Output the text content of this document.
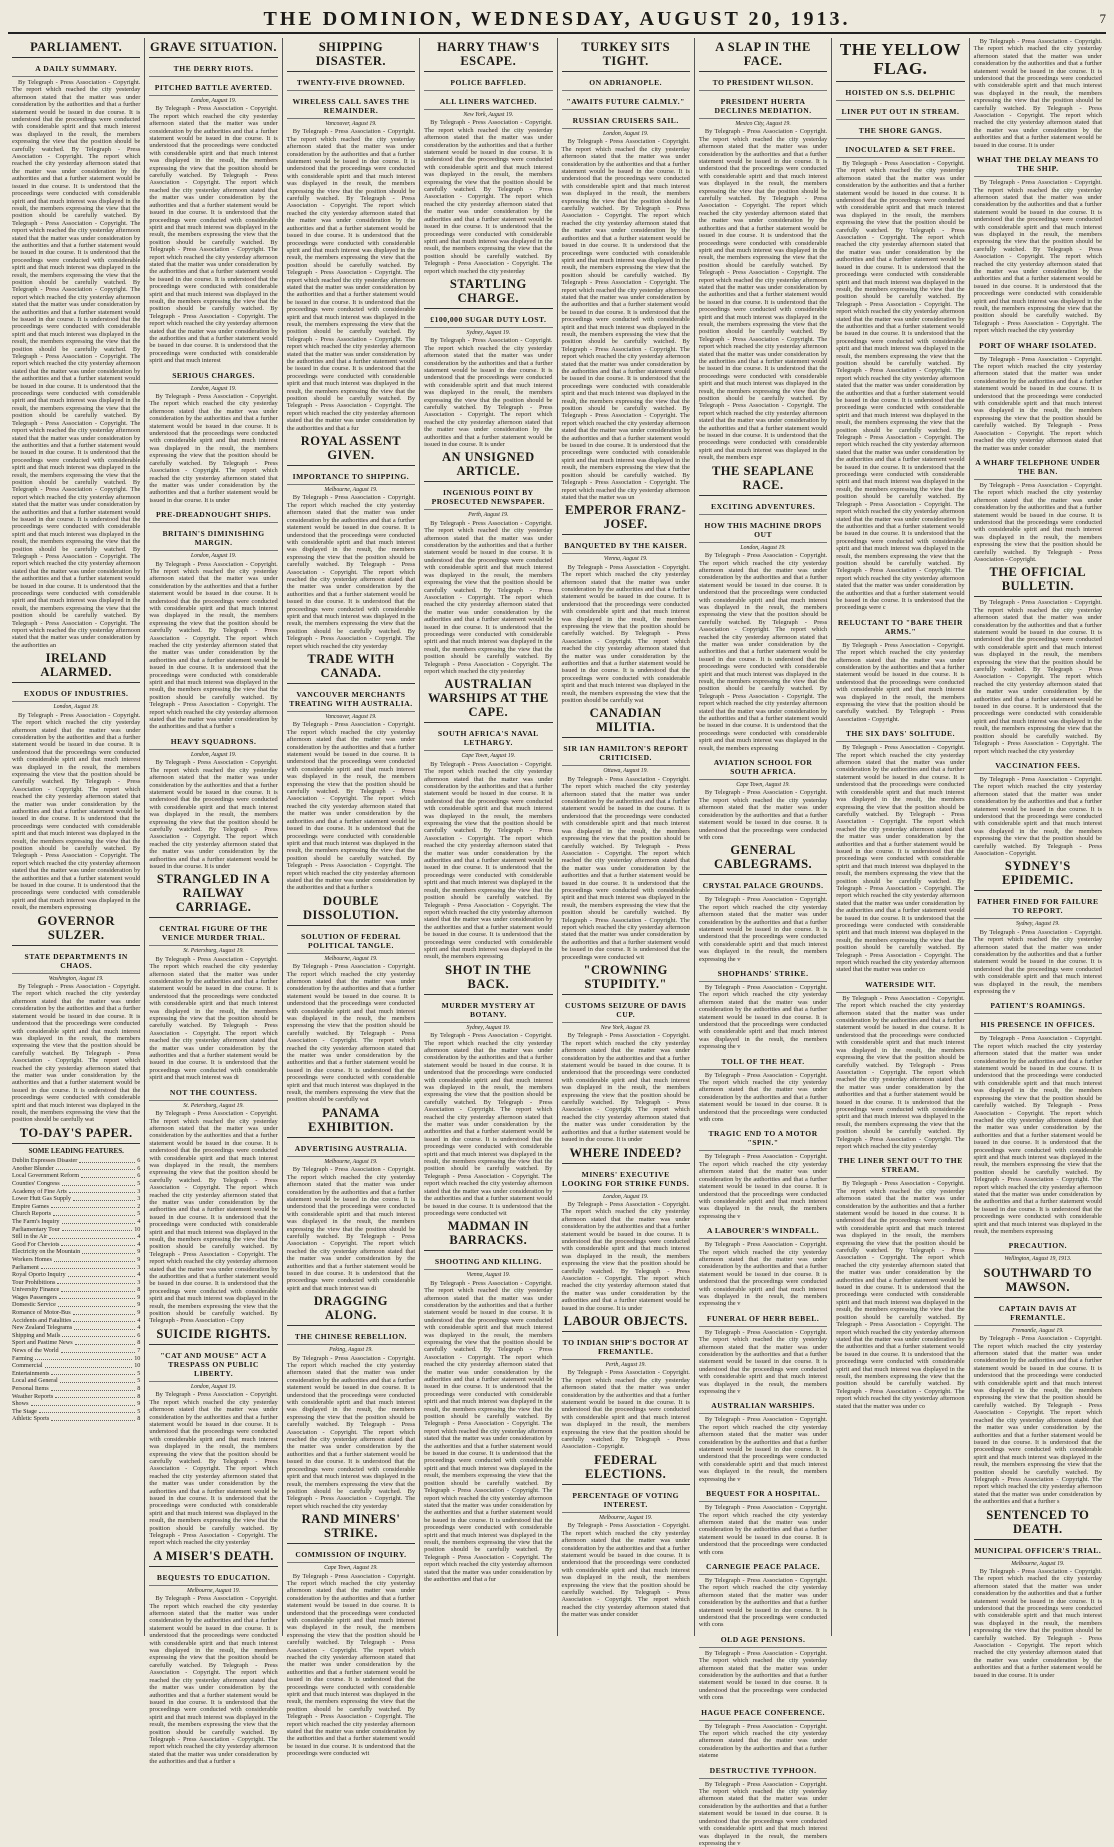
THE DOMINION, WEDNESDAY, AUGUST 20, 1913.	7
PARLIAMENT.
A DAILY SUMMARY.

By Telegraph - Press Association - Copyright. The report which reached the city yesterday afternoon stated that the matter was under consideration by the authorities and that a further statement would be issued in due course. It is understood that the proceedings were conducted with considerable spirit and that much interest was displayed in the result, the members expressing the view that the position should be carefully watched. By Telegraph - Press Association - Copyright. The report which reached the city yesterday afternoon stated that the matter was under consideration by the authorities and that a further statement would be issued in due course. It is understood that the proceedings were conducted with considerable spirit and that much interest was displayed in the result, the members expressing the view that the position should be carefully watched. By Telegraph - Press Association - Copyright. The report which reached the city yesterday afternoon stated that the matter was under consideration by the authorities and that a further statement would be issued in due course. It is understood that the proceedings were conducted with considerable spirit and that much interest was displayed in the result, the members expressing the view that the position should be carefully watched. By Telegraph - Press Association - Copyright. The report which reached the city yesterday afternoon stated that the matter was under consideration by the authorities and that a further statement would be issued in due course. It is understood that the proceedings were conducted with considerable spirit and that much interest was displayed in the result, the members expressing the view that the position should be carefully watched. By Telegraph - Press Association - Copyright. The report which reached the city yesterday afternoon stated that the matter was under consideration by the authorities and that a further statement would be issued in due course. It is understood that the proceedings were conducted with considerable spirit and that much interest was displayed in the result, the members expressing the view that the position should be carefully watched. By Telegraph - Press Association - Copyright. The report which reached the city yesterday afternoon stated that the matter was under consideration by the authorities and that a further statement would be issued in due course. It is understood that the proceedings were conducted with considerable spirit and that much interest was displayed in the result, the members expressing the view that the position should be carefully watched. By Telegraph - Press Association - Copyright. The report which reached the city yesterday afternoon stated that the matter was under consideration by the authorities and that a further statement would be issued in due course. It is understood that the proceedings were conducted with considerable spirit and that much interest was displayed in the result, the members expressing the view that the position should be carefully watched. By Telegraph - Press Association - Copyright. The report which reached the city yesterday afternoon stated that the matter was under consideration by the authorities and that a further statement would be issued in due course. It is understood that the proceedings were conducted with considerable spirit and that much interest was displayed in the result, the members expressing the view that the position should be carefully watched. By Telegraph - Press Association - Copyright. The report which reached the city yesterday afternoon stated that the matter was under consideration by the authorities an

IRELAND ALARMED.
EXODUS OF INDUSTRIES.
London, August 19.

By Telegraph - Press Association - Copyright. The report which reached the city yesterday afternoon stated that the matter was under consideration by the authorities and that a further statement would be issued in due course. It is understood that the proceedings were conducted with considerable spirit and that much interest was displayed in the result, the members expressing the view that the position should be carefully watched. By Telegraph - Press Association - Copyright. The report which reached the city yesterday afternoon stated that the matter was under consideration by the authorities and that a further statement would be issued in due course. It is understood that the proceedings were conducted with considerable spirit and that much interest was displayed in the result, the members expressing the view that the position should be carefully watched. By Telegraph - Press Association - Copyright. The report which reached the city yesterday afternoon stated that the matter was under consideration by the authorities and that a further statement would be issued in due course. It is understood that the proceedings were conducted with considerable spirit and that much interest was displayed in the result, the members expressing

GOVERNOR SULZER.
STATE DEPARTMENTS IN CHAOS.
Washington, August 19.

By Telegraph - Press Association - Copyright. The report which reached the city yesterday afternoon stated that the matter was under consideration by the authorities and that a further statement would be issued in due course. It is understood that the proceedings were conducted with considerable spirit and that much interest was displayed in the result, the members expressing the view that the position should be carefully watched. By Telegraph - Press Association - Copyright. The report which reached the city yesterday afternoon stated that the matter was under consideration by the authorities and that a further statement would be issued in due course. It is understood that the proceedings were conducted with considerable spirit and that much interest was displayed in the result, the members expressing the view that the position should be carefully wat

TO-DAY'S PAPER.
SOME LEADING FEATURES.
Dublin Expresses Disaster	6
Another Blunder	6
Local Government Reform	6
Counties' Congress	5
Academy of Fine Arts	3
Lower Hutt Gas Supply	3
Empire Games	2
Church Reports	5
The Farm's Inquiry	4
Parliamentary Tour	10
Still in the Air	4
Good For Cheviots	4
Electricity on the Mountain	9
Workers Homes	9
Parliament	3
Royal Oporto Inquiry	4
Tour Prohibitions	3
University Finance	8
Wages Passengers	9
Domestic Service	9
Romance of Motor-Bus	9
Accidents and Fatalities	4
New Zealand Telegrams	4
Shipping and Mails	6
Sport and Pastime News	8
News of the World	7
Farming	10
Commercial	10
Entertainments	5
Local and General	5
Personal Items	8
Weather Reports	8
Shows	9
The Stage	5
Athletic Sports	8
GRAVE SITUATION.
THE DERRY RIOTS.
PITCHED BATTLE AVERTED.
London, August 19.

By Telegraph - Press Association - Copyright. The report which reached the city yesterday afternoon stated that the matter was under consideration by the authorities and that a further statement would be issued in due course. It is understood that the proceedings were conducted with considerable spirit and that much interest was displayed in the result, the members expressing the view that the position should be carefully watched. By Telegraph - Press Association - Copyright. The report which reached the city yesterday afternoon stated that the matter was under consideration by the authorities and that a further statement would be issued in due course. It is understood that the proceedings were conducted with considerable spirit and that much interest was displayed in the result, the members expressing the view that the position should be carefully watched. By Telegraph - Press Association - Copyright. The report which reached the city yesterday afternoon stated that the matter was under consideration by the authorities and that a further statement would be issued in due course. It is understood that the proceedings were conducted with considerable spirit and that much interest was displayed in the result, the members expressing the view that the position should be carefully watched. By Telegraph - Press Association - Copyright. The report which reached the city yesterday afternoon stated that the matter was under consideration by the authorities and that a further statement would be issued in due course. It is understood that the proceedings were conducted with considerable spirit and that much interest

SERIOUS CHARGES.
London, August 19.

By Telegraph - Press Association - Copyright. The report which reached the city yesterday afternoon stated that the matter was under consideration by the authorities and that a further statement would be issued in due course. It is understood that the proceedings were conducted with considerable spirit and that much interest was displayed in the result, the members expressing the view that the position should be carefully watched. By Telegraph - Press Association - Copyright. The report which reached the city yesterday afternoon stated that the matter was under consideration by the authorities and that a further statement would be issued in due course. It is under

PRE-DREADNOUGHT SHIPS.
BRITAIN'S DIMINISHING MARGIN.
London, August 19.

By Telegraph - Press Association - Copyright. The report which reached the city yesterday afternoon stated that the matter was under consideration by the authorities and that a further statement would be issued in due course. It is understood that the proceedings were conducted with considerable spirit and that much interest was displayed in the result, the members expressing the view that the position should be carefully watched. By Telegraph - Press Association - Copyright. The report which reached the city yesterday afternoon stated that the matter was under consideration by the authorities and that a further statement would be issued in due course. It is understood that the proceedings were conducted with considerable spirit and that much interest was displayed in the result, the members expressing the view that the position should be carefully watched. By Telegraph - Press Association - Copyright. The report which reached the city yesterday afternoon stated that the matter was under consideration by the authorities and that a further s

HEAVY SQUADRONS.
London, August 19.

By Telegraph - Press Association - Copyright. The report which reached the city yesterday afternoon stated that the matter was under consideration by the authorities and that a further statement would be issued in due course. It is understood that the proceedings were conducted with considerable spirit and that much interest was displayed in the result, the members expressing the view that the position should be carefully watched. By Telegraph - Press Association - Copyright. The report which reached the city yesterday afternoon stated that the matter was under consideration by the authorities and that a further statement would be issued in due course. It is under

STRANGLED IN A RAILWAY CARRIAGE.
CENTRAL FIGURE OF THE VENICE MURDER TRIAL.
St. Petersburg, August 19.

By Telegraph - Press Association - Copyright. The report which reached the city yesterday afternoon stated that the matter was under consideration by the authorities and that a further statement would be issued in due course. It is understood that the proceedings were conducted with considerable spirit and that much interest was displayed in the result, the members expressing the view that the position should be carefully watched. By Telegraph - Press Association - Copyright. The report which reached the city yesterday afternoon stated that the matter was under consideration by the authorities and that a further statement would be issued in due course. It is understood that the proceedings were conducted with considerable spirit and that much interest was di

NOT THE COUNTESS.
St. Petersburg, August 19.

By Telegraph - Press Association - Copyright. The report which reached the city yesterday afternoon stated that the matter was under consideration by the authorities and that a further statement would be issued in due course. It is understood that the proceedings were conducted with considerable spirit and that much interest was displayed in the result, the members expressing the view that the position should be carefully watched. By Telegraph - Press Association - Copyright. The report which reached the city yesterday afternoon stated that the matter was under consideration by the authorities and that a further statement would be issued in due course. It is understood that the proceedings were conducted with considerable spirit and that much interest was displayed in the result, the members expressing the view that the position should be carefully watched. By Telegraph - Press Association - Copyright. The report which reached the city yesterday afternoon stated that the matter was under consideration by the authorities and that a further statement would be issued in due course. It is understood that the proceedings were conducted with considerable spirit and that much interest was displayed in the result, the members expressing the view that the position should be carefully watched. By Telegraph - Press Association - Copy

SUICIDE RIGHTS.
"CAT AND MOUSE" ACT A TRESPASS ON PUBLIC LIBERTY.
London, August 19.

By Telegraph - Press Association - Copyright. The report which reached the city yesterday afternoon stated that the matter was under consideration by the authorities and that a further statement would be issued in due course. It is understood that the proceedings were conducted with considerable spirit and that much interest was displayed in the result, the members expressing the view that the position should be carefully watched. By Telegraph - Press Association - Copyright. The report which reached the city yesterday afternoon stated that the matter was under consideration by the authorities and that a further statement would be issued in due course. It is understood that the proceedings were conducted with considerable spirit and that much interest was displayed in the result, the members expressing the view that the position should be carefully watched. By Telegraph - Press Association - Copyright. The report which reached the city yesterday

A MISER'S DEATH.
BEQUESTS TO EDUCATION.
Melbourne, August 19.

By Telegraph - Press Association - Copyright. The report which reached the city yesterday afternoon stated that the matter was under consideration by the authorities and that a further statement would be issued in due course. It is understood that the proceedings were conducted with considerable spirit and that much interest was displayed in the result, the members expressing the view that the position should be carefully watched. By Telegraph - Press Association - Copyright. The report which reached the city yesterday afternoon stated that the matter was under consideration by the authorities and that a further statement would be issued in due course. It is understood that the proceedings were conducted with considerable spirit and that much interest was displayed in the result, the members expressing the view that the position should be carefully watched. By Telegraph - Press Association - Copyright. The report which reached the city yesterday afternoon stated that the matter was under consideration by the authorities and that a further s

SHIPPING DISASTER.
TWENTY-FIVE DROWNED.
WIRELESS CALL SAVES THE REMAINDER.
Vancouver, August 19.

By Telegraph - Press Association - Copyright. The report which reached the city yesterday afternoon stated that the matter was under consideration by the authorities and that a further statement would be issued in due course. It is understood that the proceedings were conducted with considerable spirit and that much interest was displayed in the result, the members expressing the view that the position should be carefully watched. By Telegraph - Press Association - Copyright. The report which reached the city yesterday afternoon stated that the matter was under consideration by the authorities and that a further statement would be issued in due course. It is understood that the proceedings were conducted with considerable spirit and that much interest was displayed in the result, the members expressing the view that the position should be carefully watched. By Telegraph - Press Association - Copyright. The report which reached the city yesterday afternoon stated that the matter was under consideration by the authorities and that a further statement would be issued in due course. It is understood that the proceedings were conducted with considerable spirit and that much interest was displayed in the result, the members expressing the view that the position should be carefully watched. By Telegraph - Press Association - Copyright. The report which reached the city yesterday afternoon stated that the matter was under consideration by the authorities and that a further statement would be issued in due course. It is understood that the proceedings were conducted with considerable spirit and that much interest was displayed in the result, the members expressing the view that the position should be carefully watched. By Telegraph - Press Association - Copyright. The report which reached the city yesterday afternoon stated that the matter was under consideration by the authorities and that a fur

ROYAL ASSENT GIVEN.
IMPORTANCE TO SHIPPING.
Melbourne, August 19.

By Telegraph - Press Association - Copyright. The report which reached the city yesterday afternoon stated that the matter was under consideration by the authorities and that a further statement would be issued in due course. It is understood that the proceedings were conducted with considerable spirit and that much interest was displayed in the result, the members expressing the view that the position should be carefully watched. By Telegraph - Press Association - Copyright. The report which reached the city yesterday afternoon stated that the matter was under consideration by the authorities and that a further statement would be issued in due course. It is understood that the proceedings were conducted with considerable spirit and that much interest was displayed in the result, the members expressing the view that the position should be carefully watched. By Telegraph - Press Association - Copyright. The report which reached the city yesterday

TRADE WITH CANADA.
VANCOUVER MERCHANTS TREATING WITH AUSTRALIA.
Vancouver, August 19.

By Telegraph - Press Association - Copyright. The report which reached the city yesterday afternoon stated that the matter was under consideration by the authorities and that a further statement would be issued in due course. It is understood that the proceedings were conducted with considerable spirit and that much interest was displayed in the result, the members expressing the view that the position should be carefully watched. By Telegraph - Press Association - Copyright. The report which reached the city yesterday afternoon stated that the matter was under consideration by the authorities and that a further statement would be issued in due course. It is understood that the proceedings were conducted with considerable spirit and that much interest was displayed in the result, the members expressing the view that the position should be carefully watched. By Telegraph - Press Association - Copyright. The report which reached the city yesterday afternoon stated that the matter was under consideration by the authorities and that a further s

DOUBLE DISSOLUTION.
SOLUTION OF FEDERAL POLITICAL TANGLE.
Melbourne, August 19.

By Telegraph - Press Association - Copyright. The report which reached the city yesterday afternoon stated that the matter was under consideration by the authorities and that a further statement would be issued in due course. It is understood that the proceedings were conducted with considerable spirit and that much interest was displayed in the result, the members expressing the view that the position should be carefully watched. By Telegraph - Press Association - Copyright. The report which reached the city yesterday afternoon stated that the matter was under consideration by the authorities and that a further statement would be issued in due course. It is understood that the proceedings were conducted with considerable spirit and that much interest was displayed in the result, the members expressing the view that the position should be carefully wat

PANAMA EXHIBITION.
ADVERTISING AUSTRALIA.
Melbourne, August 19.

By Telegraph - Press Association - Copyright. The report which reached the city yesterday afternoon stated that the matter was under consideration by the authorities and that a further statement would be issued in due course. It is understood that the proceedings were conducted with considerable spirit and that much interest was displayed in the result, the members expressing the view that the position should be carefully watched. By Telegraph - Press Association - Copyright. The report which reached the city yesterday afternoon stated that the matter was under consideration by the authorities and that a further statement would be issued in due course. It is understood that the proceedings were conducted with considerable spirit and that much interest was di

DRAGGING ALONG.
THE CHINESE REBELLION.
Peking, August 19.

By Telegraph - Press Association - Copyright. The report which reached the city yesterday afternoon stated that the matter was under consideration by the authorities and that a further statement would be issued in due course. It is understood that the proceedings were conducted with considerable spirit and that much interest was displayed in the result, the members expressing the view that the position should be carefully watched. By Telegraph - Press Association - Copyright. The report which reached the city yesterday afternoon stated that the matter was under consideration by the authorities and that a further statement would be issued in due course. It is understood that the proceedings were conducted with considerable spirit and that much interest was displayed in the result, the members expressing the view that the position should be carefully watched. By Telegraph - Press Association - Copyright. The report which reached the city yesterday

RAND MINERS' STRIKE.
COMMISSION OF INQUIRY.
Cape Town, August 19.

By Telegraph - Press Association - Copyright. The report which reached the city yesterday afternoon stated that the matter was under consideration by the authorities and that a further statement would be issued in due course. It is understood that the proceedings were conducted with considerable spirit and that much interest was displayed in the result, the members expressing the view that the position should be carefully watched. By Telegraph - Press Association - Copyright. The report which reached the city yesterday afternoon stated that the matter was under consideration by the authorities and that a further statement would be issued in due course. It is understood that the proceedings were conducted with considerable spirit and that much interest was displayed in the result, the members expressing the view that the position should be carefully watched. By Telegraph - Press Association - Copyright. The report which reached the city yesterday afternoon stated that the matter was under consideration by the authorities and that a further statement would be issued in due course. It is understood that the proceedings were conducted wit

HARRY THAW'S ESCAPE.
POLICE BAFFLED.
ALL LINERS WATCHED.
New York, August 19.

By Telegraph - Press Association - Copyright. The report which reached the city yesterday afternoon stated that the matter was under consideration by the authorities and that a further statement would be issued in due course. It is understood that the proceedings were conducted with considerable spirit and that much interest was displayed in the result, the members expressing the view that the position should be carefully watched. By Telegraph - Press Association - Copyright. The report which reached the city yesterday afternoon stated that the matter was under consideration by the authorities and that a further statement would be issued in due course. It is understood that the proceedings were conducted with considerable spirit and that much interest was displayed in the result, the members expressing the view that the position should be carefully watched. By Telegraph - Press Association - Copyright. The report which reached the city yesterday

STARTLING CHARGE.
£100,000 SUGAR DUTY LOST.
Sydney, August 19.

By Telegraph - Press Association - Copyright. The report which reached the city yesterday afternoon stated that the matter was under consideration by the authorities and that a further statement would be issued in due course. It is understood that the proceedings were conducted with considerable spirit and that much interest was displayed in the result, the members expressing the view that the position should be carefully watched. By Telegraph - Press Association - Copyright. The report which reached the city yesterday afternoon stated that the matter was under consideration by the authorities and that a further statement would be issued in due course. It is under

AN UNSIGNED ARTICLE.
INGENIOUS POINT BY PROSECUTED NEWSPAPER.
Perth, August 19.

By Telegraph - Press Association - Copyright. The report which reached the city yesterday afternoon stated that the matter was under consideration by the authorities and that a further statement would be issued in due course. It is understood that the proceedings were conducted with considerable spirit and that much interest was displayed in the result, the members expressing the view that the position should be carefully watched. By Telegraph - Press Association - Copyright. The report which reached the city yesterday afternoon stated that the matter was under consideration by the authorities and that a further statement would be issued in due course. It is understood that the proceedings were conducted with considerable spirit and that much interest was displayed in the result, the members expressing the view that the position should be carefully watched. By Telegraph - Press Association - Copyright. The report which reached the city yesterday

AUSTRALIAN WARSHIPS AT THE CAPE.
SOUTH AFRICA'S NAVAL LETHARGY.
Cape Town, August 19.

By Telegraph - Press Association - Copyright. The report which reached the city yesterday afternoon stated that the matter was under consideration by the authorities and that a further statement would be issued in due course. It is understood that the proceedings were conducted with considerable spirit and that much interest was displayed in the result, the members expressing the view that the position should be carefully watched. By Telegraph - Press Association - Copyright. The report which reached the city yesterday afternoon stated that the matter was under consideration by the authorities and that a further statement would be issued in due course. It is understood that the proceedings were conducted with considerable spirit and that much interest was displayed in the result, the members expressing the view that the position should be carefully watched. By Telegraph - Press Association - Copyright. The report which reached the city yesterday afternoon stated that the matter was under consideration by the authorities and that a further statement would be issued in due course. It is understood that the proceedings were conducted with considerable spirit and that much interest was displayed in the result, the members expressing

SHOT IN THE BACK.
MURDER MYSTERY AT BOTANY.
Sydney, August 19.

By Telegraph - Press Association - Copyright. The report which reached the city yesterday afternoon stated that the matter was under consideration by the authorities and that a further statement would be issued in due course. It is understood that the proceedings were conducted with considerable spirit and that much interest was displayed in the result, the members expressing the view that the position should be carefully watched. By Telegraph - Press Association - Copyright. The report which reached the city yesterday afternoon stated that the matter was under consideration by the authorities and that a further statement would be issued in due course. It is understood that the proceedings were conducted with considerable spirit and that much interest was displayed in the result, the members expressing the view that the position should be carefully watched. By Telegraph - Press Association - Copyright. The report which reached the city yesterday afternoon stated that the matter was under consideration by the authorities and that a further statement would be issued in due course. It is understood that the proceedings were conducted wit

MADMAN IN BARRACKS.
SHOOTING AND KILLING.
Vienna, August 19.

By Telegraph - Press Association - Copyright. The report which reached the city yesterday afternoon stated that the matter was under consideration by the authorities and that a further statement would be issued in due course. It is understood that the proceedings were conducted with considerable spirit and that much interest was displayed in the result, the members expressing the view that the position should be carefully watched. By Telegraph - Press Association - Copyright. The report which reached the city yesterday afternoon stated that the matter was under consideration by the authorities and that a further statement would be issued in due course. It is understood that the proceedings were conducted with considerable spirit and that much interest was displayed in the result, the members expressing the view that the position should be carefully watched. By Telegraph - Press Association - Copyright. The report which reached the city yesterday afternoon stated that the matter was under consideration by the authorities and that a further statement would be issued in due course. It is understood that the proceedings were conducted with considerable spirit and that much interest was displayed in the result, the members expressing the view that the position should be carefully watched. By Telegraph - Press Association - Copyright. The report which reached the city yesterday afternoon stated that the matter was under consideration by the authorities and that a further statement would be issued in due course. It is understood that the proceedings were conducted with considerable spirit and that much interest was displayed in the result, the members expressing the view that the position should be carefully watched. By Telegraph - Press Association - Copyright. The report which reached the city yesterday afternoon stated that the matter was under consideration by the authorities and that a fur

TURKEY SITS TIGHT.
ON ADRIANOPLE.
"AWAITS FUTURE CALMLY."
RUSSIAN CRUISERS SAIL.
London, August 19.

By Telegraph - Press Association - Copyright. The report which reached the city yesterday afternoon stated that the matter was under consideration by the authorities and that a further statement would be issued in due course. It is understood that the proceedings were conducted with considerable spirit and that much interest was displayed in the result, the members expressing the view that the position should be carefully watched. By Telegraph - Press Association - Copyright. The report which reached the city yesterday afternoon stated that the matter was under consideration by the authorities and that a further statement would be issued in due course. It is understood that the proceedings were conducted with considerable spirit and that much interest was displayed in the result, the members expressing the view that the position should be carefully watched. By Telegraph - Press Association - Copyright. The report which reached the city yesterday afternoon stated that the matter was under consideration by the authorities and that a further statement would be issued in due course. It is understood that the proceedings were conducted with considerable spirit and that much interest was displayed in the result, the members expressing the view that the position should be carefully watched. By Telegraph - Press Association - Copyright. The report which reached the city yesterday afternoon stated that the matter was under consideration by the authorities and that a further statement would be issued in due course. It is understood that the proceedings were conducted with considerable spirit and that much interest was displayed in the result, the members expressing the view that the position should be carefully watched. By Telegraph - Press Association - Copyright. The report which reached the city yesterday afternoon stated that the matter was under consideration by the authorities and that a further statement would be issued in due course. It is understood that the proceedings were conducted with considerable spirit and that much interest was displayed in the result, the members expressing the view that the position should be carefully watched. By Telegraph - Press Association - Copyright. The report which reached the city yesterday afternoon stated that the matter was un

EMPEROR FRANZ-JOSEF.
BANQUETED BY THE KAISER.
Vienna, August 19.

By Telegraph - Press Association - Copyright. The report which reached the city yesterday afternoon stated that the matter was under consideration by the authorities and that a further statement would be issued in due course. It is understood that the proceedings were conducted with considerable spirit and that much interest was displayed in the result, the members expressing the view that the position should be carefully watched. By Telegraph - Press Association - Copyright. The report which reached the city yesterday afternoon stated that the matter was under consideration by the authorities and that a further statement would be issued in due course. It is understood that the proceedings were conducted with considerable spirit and that much interest was displayed in the result, the members expressing the view that the position should be carefully wat

CANADIAN MILITIA.
SIR IAN HAMILTON'S REPORT CRITICISED.
Ottawa, August 19.

By Telegraph - Press Association - Copyright. The report which reached the city yesterday afternoon stated that the matter was under consideration by the authorities and that a further statement would be issued in due course. It is understood that the proceedings were conducted with considerable spirit and that much interest was displayed in the result, the members expressing the view that the position should be carefully watched. By Telegraph - Press Association - Copyright. The report which reached the city yesterday afternoon stated that the matter was under consideration by the authorities and that a further statement would be issued in due course. It is understood that the proceedings were conducted with considerable spirit and that much interest was displayed in the result, the members expressing the view that the position should be carefully watched. By Telegraph - Press Association - Copyright. The report which reached the city yesterday afternoon stated that the matter was under consideration by the authorities and that a further statement would be issued in due course. It is understood that the proceedings were conducted wit

"CROWNING STUPIDITY."
CUSTOMS SEIZURE OF DAVIS CUP.
New York, August 19.

By Telegraph - Press Association - Copyright. The report which reached the city yesterday afternoon stated that the matter was under consideration by the authorities and that a further statement would be issued in due course. It is understood that the proceedings were conducted with considerable spirit and that much interest was displayed in the result, the members expressing the view that the position should be carefully watched. By Telegraph - Press Association - Copyright. The report which reached the city yesterday afternoon stated that the matter was under consideration by the authorities and that a further statement would be issued in due course. It is under

WHERE INDEED?
MINERS' EXECUTIVE LOOKING FOR STRIKE FUNDS.
London, August 19.

By Telegraph - Press Association - Copyright. The report which reached the city yesterday afternoon stated that the matter was under consideration by the authorities and that a further statement would be issued in due course. It is understood that the proceedings were conducted with considerable spirit and that much interest was displayed in the result, the members expressing the view that the position should be carefully watched. By Telegraph - Press Association - Copyright. The report which reached the city yesterday afternoon stated that the matter was under consideration by the authorities and that a further statement would be issued in due course. It is under

LABOUR OBJECTS.
TO INDIAN SHIP'S DOCTOR AT FREMANTLE.
Perth, August 19.

By Telegraph - Press Association - Copyright. The report which reached the city yesterday afternoon stated that the matter was under consideration by the authorities and that a further statement would be issued in due course. It is understood that the proceedings were conducted with considerable spirit and that much interest was displayed in the result, the members expressing the view that the position should be carefully watched. By Telegraph - Press Association - Copyright.

FEDERAL ELECTIONS.
PERCENTAGE OF VOTING INTEREST.
Melbourne, August 19.

By Telegraph - Press Association - Copyright. The report which reached the city yesterday afternoon stated that the matter was under consideration by the authorities and that a further statement would be issued in due course. It is understood that the proceedings were conducted with considerable spirit and that much interest was displayed in the result, the members expressing the view that the position should be carefully watched. By Telegraph - Press Association - Copyright. The report which reached the city yesterday afternoon stated that the matter was under consider

A SLAP IN THE FACE.
TO PRESIDENT WILSON.
PRESIDENT HUERTA DECLINES MEDIATION.
Mexico City, August 19.

By Telegraph - Press Association - Copyright. The report which reached the city yesterday afternoon stated that the matter was under consideration by the authorities and that a further statement would be issued in due course. It is understood that the proceedings were conducted with considerable spirit and that much interest was displayed in the result, the members expressing the view that the position should be carefully watched. By Telegraph - Press Association - Copyright. The report which reached the city yesterday afternoon stated that the matter was under consideration by the authorities and that a further statement would be issued in due course. It is understood that the proceedings were conducted with considerable spirit and that much interest was displayed in the result, the members expressing the view that the position should be carefully watched. By Telegraph - Press Association - Copyright. The report which reached the city yesterday afternoon stated that the matter was under consideration by the authorities and that a further statement would be issued in due course. It is understood that the proceedings were conducted with considerable spirit and that much interest was displayed in the result, the members expressing the view that the position should be carefully watched. By Telegraph - Press Association - Copyright. The report which reached the city yesterday afternoon stated that the matter was under consideration by the authorities and that a further statement would be issued in due course. It is understood that the proceedings were conducted with considerable spirit and that much interest was displayed in the result, the members expressing the view that the position should be carefully watched. By Telegraph - Press Association - Copyright. The report which reached the city yesterday afternoon stated that the matter was under consideration by the authorities and that a further statement would be issued in due course. It is understood that the proceedings were conducted with considerable spirit and that much interest was displayed in the result, the members expr

THE SEAPLANE RACE.
EXCITING ADVENTURES.
HOW THIS MACHINE DROPS OUT
London, August 19.

By Telegraph - Press Association - Copyright. The report which reached the city yesterday afternoon stated that the matter was under consideration by the authorities and that a further statement would be issued in due course. It is understood that the proceedings were conducted with considerable spirit and that much interest was displayed in the result, the members expressing the view that the position should be carefully watched. By Telegraph - Press Association - Copyright. The report which reached the city yesterday afternoon stated that the matter was under consideration by the authorities and that a further statement would be issued in due course. It is understood that the proceedings were conducted with considerable spirit and that much interest was displayed in the result, the members expressing the view that the position should be carefully watched. By Telegraph - Press Association - Copyright. The report which reached the city yesterday afternoon stated that the matter was under consideration by the authorities and that a further statement would be issued in due course. It is understood that the proceedings were conducted with considerable spirit and that much interest was displayed in the result, the members expressing

AVIATION SCHOOL FOR SOUTH AFRICA.
Cape Town, August 19.

By Telegraph - Press Association - Copyright. The report which reached the city yesterday afternoon stated that the matter was under consideration by the authorities and that a further statement would be issued in due course. It is understood that the proceedings were conducted with cons

GENERAL CABLEGRAMS.
CRYSTAL PALACE GROUNDS.

By Telegraph - Press Association - Copyright. The report which reached the city yesterday afternoon stated that the matter was under consideration by the authorities and that a further statement would be issued in due course. It is understood that the proceedings were conducted with considerable spirit and that much interest was displayed in the result, the members expressing the v

SHOPHANDS' STRIKE.

By Telegraph - Press Association - Copyright. The report which reached the city yesterday afternoon stated that the matter was under consideration by the authorities and that a further statement would be issued in due course. It is understood that the proceedings were conducted with considerable spirit and that much interest was displayed in the result, the members expressing the v

TOLL OF THE HEAT.

By Telegraph - Press Association - Copyright. The report which reached the city yesterday afternoon stated that the matter was under consideration by the authorities and that a further statement would be issued in due course. It is understood that the proceedings were conducted with cons

TRAGIC END TO A MOTOR "SPIN."

By Telegraph - Press Association - Copyright. The report which reached the city yesterday afternoon stated that the matter was under consideration by the authorities and that a further statement would be issued in due course. It is understood that the proceedings were conducted with considerable spirit and that much interest was displayed in the result, the members expressing the v

A LABOURER'S WINDFALL.

By Telegraph - Press Association - Copyright. The report which reached the city yesterday afternoon stated that the matter was under consideration by the authorities and that a further statement would be issued in due course. It is understood that the proceedings were conducted with considerable spirit and that much interest was displayed in the result, the members expressing the v

FUNERAL OF HERR BEBEL.

By Telegraph - Press Association - Copyright. The report which reached the city yesterday afternoon stated that the matter was under consideration by the authorities and that a further statement would be issued in due course. It is understood that the proceedings were conducted with considerable spirit and that much interest was displayed in the result, the members expressing the v

AUSTRALIAN WARSHIPS.

By Telegraph - Press Association - Copyright. The report which reached the city yesterday afternoon stated that the matter was under consideration by the authorities and that a further statement would be issued in due course. It is understood that the proceedings were conducted with considerable spirit and that much interest was displayed in the result, the members expressing the v

BEQUEST FOR A HOSPITAL.

By Telegraph - Press Association - Copyright. The report which reached the city yesterday afternoon stated that the matter was under consideration by the authorities and that a further statement would be issued in due course. It is understood that the proceedings were conducted with cons

CARNEGIE PEACE PALACE.

By Telegraph - Press Association - Copyright. The report which reached the city yesterday afternoon stated that the matter was under consideration by the authorities and that a further statement would be issued in due course. It is understood that the proceedings were conducted with cons

OLD AGE PENSIONS.

By Telegraph - Press Association - Copyright. The report which reached the city yesterday afternoon stated that the matter was under consideration by the authorities and that a further statement would be issued in due course. It is understood that the proceedings were conducted with cons

HAGUE PEACE CONFERENCE.

By Telegraph - Press Association - Copyright. The report which reached the city yesterday afternoon stated that the matter was under consideration by the authorities and that a further stateme

DESTRUCTIVE TYPHOON.

By Telegraph - Press Association - Copyright. The report which reached the city yesterday afternoon stated that the matter was under consideration by the authorities and that a further statement would be issued in due course. It is understood that the proceedings were conducted with considerable spirit and that much interest was displayed in the result, the members expressing the v

THE YELLOW FLAG.
HOISTED ON S.S. DELPHIC
LINER PUT OUT IN STREAM.
THE SHORE GANGS.
INOCULATED & SET FREE.

By Telegraph - Press Association - Copyright. The report which reached the city yesterday afternoon stated that the matter was under consideration by the authorities and that a further statement would be issued in due course. It is understood that the proceedings were conducted with considerable spirit and that much interest was displayed in the result, the members expressing the view that the position should be carefully watched. By Telegraph - Press Association - Copyright. The report which reached the city yesterday afternoon stated that the matter was under consideration by the authorities and that a further statement would be issued in due course. It is understood that the proceedings were conducted with considerable spirit and that much interest was displayed in the result, the members expressing the view that the position should be carefully watched. By Telegraph - Press Association - Copyright. The report which reached the city yesterday afternoon stated that the matter was under consideration by the authorities and that a further statement would be issued in due course. It is understood that the proceedings were conducted with considerable spirit and that much interest was displayed in the result, the members expressing the view that the position should be carefully watched. By Telegraph - Press Association - Copyright. The report which reached the city yesterday afternoon stated that the matter was under consideration by the authorities and that a further statement would be issued in due course. It is understood that the proceedings were conducted with considerable spirit and that much interest was displayed in the result, the members expressing the view that the position should be carefully watched. By Telegraph - Press Association - Copyright. The report which reached the city yesterday afternoon stated that the matter was under consideration by the authorities and that a further statement would be issued in due course. It is understood that the proceedings were conducted with considerable spirit and that much interest was displayed in the result, the members expressing the view that the position should be carefully watched. By Telegraph - Press Association - Copyright. The report which reached the city yesterday afternoon stated that the matter was under consideration by the authorities and that a further statement would be issued in due course. It is understood that the proceedings were conducted with considerable spirit and that much interest was displayed in the result, the members expressing the view that the position should be carefully watched. By Telegraph - Press Association - Copyright. The report which reached the city yesterday afternoon stated that the matter was under consideration by the authorities and that a further statement would be issued in due course. It is understood that the proceedings were c

RELUCTANT TO "BARE THEIR ARMS."

By Telegraph - Press Association - Copyright. The report which reached the city yesterday afternoon stated that the matter was under consideration by the authorities and that a further statement would be issued in due course. It is understood that the proceedings were conducted with considerable spirit and that much interest was displayed in the result, the members expressing the view that the position should be carefully watched. By Telegraph - Press Association - Copyright.

THE SIX DAYS' SOLITUDE.

By Telegraph - Press Association - Copyright. The report which reached the city yesterday afternoon stated that the matter was under consideration by the authorities and that a further statement would be issued in due course. It is understood that the proceedings were conducted with considerable spirit and that much interest was displayed in the result, the members expressing the view that the position should be carefully watched. By Telegraph - Press Association - Copyright. The report which reached the city yesterday afternoon stated that the matter was under consideration by the authorities and that a further statement would be issued in due course. It is understood that the proceedings were conducted with considerable spirit and that much interest was displayed in the result, the members expressing the view that the position should be carefully watched. By Telegraph - Press Association - Copyright. The report which reached the city yesterday afternoon stated that the matter was under consideration by the authorities and that a further statement would be issued in due course. It is understood that the proceedings were conducted with considerable spirit and that much interest was displayed in the result, the members expressing the view that the position should be carefully watched. By Telegraph - Press Association - Copyright. The report which reached the city yesterday afternoon stated that the matter was under co

WATERSIDE WIT.

By Telegraph - Press Association - Copyright. The report which reached the city yesterday afternoon stated that the matter was under consideration by the authorities and that a further statement would be issued in due course. It is understood that the proceedings were conducted with considerable spirit and that much interest was displayed in the result, the members expressing the view that the position should be carefully watched. By Telegraph - Press Association - Copyright. The report which reached the city yesterday afternoon stated that the matter was under consideration by the authorities and that a further statement would be issued in due course. It is understood that the proceedings were conducted with considerable spirit and that much interest was displayed in the result, the members expressing the view that the position should be carefully watched. By Telegraph - Press Association - Copyright. The report which reached the city yesterday

THE LINER SENT OUT TO THE STREAM.

By Telegraph - Press Association - Copyright. The report which reached the city yesterday afternoon stated that the matter was under consideration by the authorities and that a further statement would be issued in due course. It is understood that the proceedings were conducted with considerable spirit and that much interest was displayed in the result, the members expressing the view that the position should be carefully watched. By Telegraph - Press Association - Copyright. The report which reached the city yesterday afternoon stated that the matter was under consideration by the authorities and that a further statement would be issued in due course. It is understood that the proceedings were conducted with considerable spirit and that much interest was displayed in the result, the members expressing the view that the position should be carefully watched. By Telegraph - Press Association - Copyright. The report which reached the city yesterday afternoon stated that the matter was under consideration by the authorities and that a further statement would be issued in due course. It is understood that the proceedings were conducted with considerable spirit and that much interest was displayed in the result, the members expressing the view that the position should be carefully watched. By Telegraph - Press Association - Copyright. The report which reached the city yesterday afternoon stated that the matter was under co

By Telegraph - Press Association - Copyright. The report which reached the city yesterday afternoon stated that the matter was under consideration by the authorities and that a further statement would be issued in due course. It is understood that the proceedings were conducted with considerable spirit and that much interest was displayed in the result, the members expressing the view that the position should be carefully watched. By Telegraph - Press Association - Copyright. The report which reached the city yesterday afternoon stated that the matter was under consideration by the authorities and that a further statement would be issued in due course. It is under

WHAT THE DELAY MEANS TO THE SHIP.

By Telegraph - Press Association - Copyright. The report which reached the city yesterday afternoon stated that the matter was under consideration by the authorities and that a further statement would be issued in due course. It is understood that the proceedings were conducted with considerable spirit and that much interest was displayed in the result, the members expressing the view that the position should be carefully watched. By Telegraph - Press Association - Copyright. The report which reached the city yesterday afternoon stated that the matter was under consideration by the authorities and that a further statement would be issued in due course. It is understood that the proceedings were conducted with considerable spirit and that much interest was displayed in the result, the members expressing the view that the position should be carefully watched. By Telegraph - Press Association - Copyright. The report which reached the city yesterday

PORT OF WHARF ISOLATED.

By Telegraph - Press Association - Copyright. The report which reached the city yesterday afternoon stated that the matter was under consideration by the authorities and that a further statement would be issued in due course. It is understood that the proceedings were conducted with considerable spirit and that much interest was displayed in the result, the members expressing the view that the position should be carefully watched. By Telegraph - Press Association - Copyright. The report which reached the city yesterday afternoon stated that the matter was under consider

A WHARF TELEPHONE UNDER THE BAN.

By Telegraph - Press Association - Copyright. The report which reached the city yesterday afternoon stated that the matter was under consideration by the authorities and that a further statement would be issued in due course. It is understood that the proceedings were conducted with considerable spirit and that much interest was displayed in the result, the members expressing the view that the position should be carefully watched. By Telegraph - Press Association - Copyright.

THE OFFICIAL BULLETIN.

By Telegraph - Press Association - Copyright. The report which reached the city yesterday afternoon stated that the matter was under consideration by the authorities and that a further statement would be issued in due course. It is understood that the proceedings were conducted with considerable spirit and that much interest was displayed in the result, the members expressing the view that the position should be carefully watched. By Telegraph - Press Association - Copyright. The report which reached the city yesterday afternoon stated that the matter was under consideration by the authorities and that a further statement would be issued in due course. It is understood that the proceedings were conducted with considerable spirit and that much interest was displayed in the result, the members expressing the view that the position should be carefully watched. By Telegraph - Press Association - Copyright. The report which reached the city yesterday

VACCINATION FEES.

By Telegraph - Press Association - Copyright. The report which reached the city yesterday afternoon stated that the matter was under consideration by the authorities and that a further statement would be issued in due course. It is understood that the proceedings were conducted with considerable spirit and that much interest was displayed in the result, the members expressing the view that the position should be carefully watched. By Telegraph - Press Association - Copyright.

SYDNEY'S EPIDEMIC.
FATHER FINED FOR FAILURE TO REPORT.
Sydney, August 19.

By Telegraph - Press Association - Copyright. The report which reached the city yesterday afternoon stated that the matter was under consideration by the authorities and that a further statement would be issued in due course. It is understood that the proceedings were conducted with considerable spirit and that much interest was displayed in the result, the members expressing the v

PATIENT'S ROAMINGS.
HIS PRESENCE IN OFFICES.

By Telegraph - Press Association - Copyright. The report which reached the city yesterday afternoon stated that the matter was under consideration by the authorities and that a further statement would be issued in due course. It is understood that the proceedings were conducted with considerable spirit and that much interest was displayed in the result, the members expressing the view that the position should be carefully watched. By Telegraph - Press Association - Copyright. The report which reached the city yesterday afternoon stated that the matter was under consideration by the authorities and that a further statement would be issued in due course. It is understood that the proceedings were conducted with considerable spirit and that much interest was displayed in the result, the members expressing the view that the position should be carefully watched. By Telegraph - Press Association - Copyright. The report which reached the city yesterday afternoon stated that the matter was under consideration by the authorities and that a further statement would be issued in due course. It is understood that the proceedings were conducted with considerable spirit and that much interest was displayed in the result, the members expressing

PRECAUTION.
Wellington, August 19, 1913.
SOUTHWARD TO MAWSON.
CAPTAIN DAVIS AT FREMANTLE.
Fremantle, August 19.

By Telegraph - Press Association - Copyright. The report which reached the city yesterday afternoon stated that the matter was under consideration by the authorities and that a further statement would be issued in due course. It is understood that the proceedings were conducted with considerable spirit and that much interest was displayed in the result, the members expressing the view that the position should be carefully watched. By Telegraph - Press Association - Copyright. The report which reached the city yesterday afternoon stated that the matter was under consideration by the authorities and that a further statement would be issued in due course. It is understood that the proceedings were conducted with considerable spirit and that much interest was displayed in the result, the members expressing the view that the position should be carefully watched. By Telegraph - Press Association - Copyright. The report which reached the city yesterday afternoon stated that the matter was under consideration by the authorities and that a further s

SENTENCED TO DEATH.
MUNICIPAL OFFICER'S TRIAL.
Melbourne, August 19.

By Telegraph - Press Association - Copyright. The report which reached the city yesterday afternoon stated that the matter was under consideration by the authorities and that a further statement would be issued in due course. It is understood that the proceedings were conducted with considerable spirit and that much interest was displayed in the result, the members expressing the view that the position should be carefully watched. By Telegraph - Press Association - Copyright. The report which reached the city yesterday afternoon stated that the matter was under consideration by the authorities and that a further statement would be issued in due course. It is under
